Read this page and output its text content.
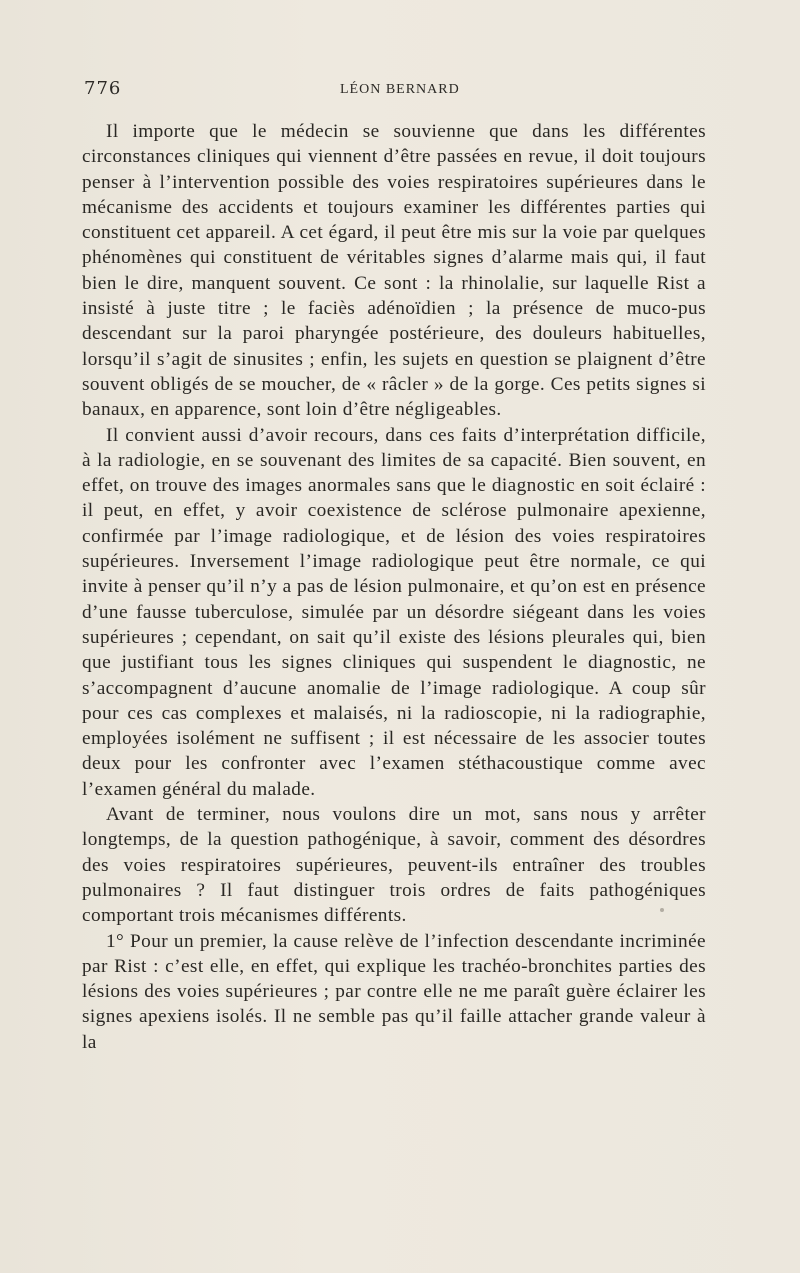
776	LÉON BERNARD

Il importe que le médecin se souvienne que dans les différentes circonstances cliniques qui viennent d’être passées en revue, il doit toujours penser à l’intervention possible des voies respiratoires supérieures dans le mécanisme des accidents et toujours examiner les différentes parties qui constituent cet appareil. A cet égard, il peut être mis sur la voie par quelques phénomènes qui constituent de véritables signes d’alarme mais qui, il faut bien le dire, manquent souvent. Ce sont : la rhinolalie, sur laquelle Rist a insisté à juste titre ; le faciès adénoïdien ; la présence de muco-pus descendant sur la paroi pharyngée postérieure, des douleurs habituelles, lorsqu’il s’agit de sinusites ; enfin, les sujets en question se plaignent d’être souvent obligés de se moucher, de « râcler » de la gorge. Ces petits signes si banaux, en apparence, sont loin d’être négligeables.

Il convient aussi d’avoir recours, dans ces faits d’interprétation difficile, à la radiologie, en se souvenant des limites de sa capacité. Bien souvent, en effet, on trouve des images anormales sans que le diagnostic en soit éclairé : il peut, en effet, y avoir coexistence de sclérose pulmonaire apexienne, confirmée par l’image radiologique, et de lésion des voies respiratoires supérieures. Inversement l’image radiologique peut être normale, ce qui invite à penser qu’il n’y a pas de lésion pulmonaire, et qu’on est en présence d’une fausse tuberculose, simulée par un désordre siégeant dans les voies supérieures ; cependant, on sait qu’il existe des lésions pleurales qui, bien que justifiant tous les signes cliniques qui suspendent le diagnostic, ne s’accompagnent d’aucune anomalie de l’image radiologique. A coup sûr pour ces cas complexes et malaisés, ni la radioscopie, ni la radiographie, employées isolément ne suffisent ; il est nécessaire de les associer toutes deux pour les confronter avec l’examen stéthacoustique comme avec l’examen général du malade.

Avant de terminer, nous voulons dire un mot, sans nous y arrêter longtemps, de la question pathogénique, à savoir, comment des désordres des voies respiratoires supérieures, peuvent-ils entraîner des troubles pulmonaires ? Il faut distinguer trois ordres de faits pathogéniques comportant trois mécanismes différents.

1° Pour un premier, la cause relève de l’infection descendante incriminée par Rist : c’est elle, en effet, qui explique les trachéo-bronchites parties des lésions des voies supérieures ; par contre elle ne me paraît guère éclairer les signes apexiens isolés. Il ne semble pas qu’il faille attacher grande valeur à la
